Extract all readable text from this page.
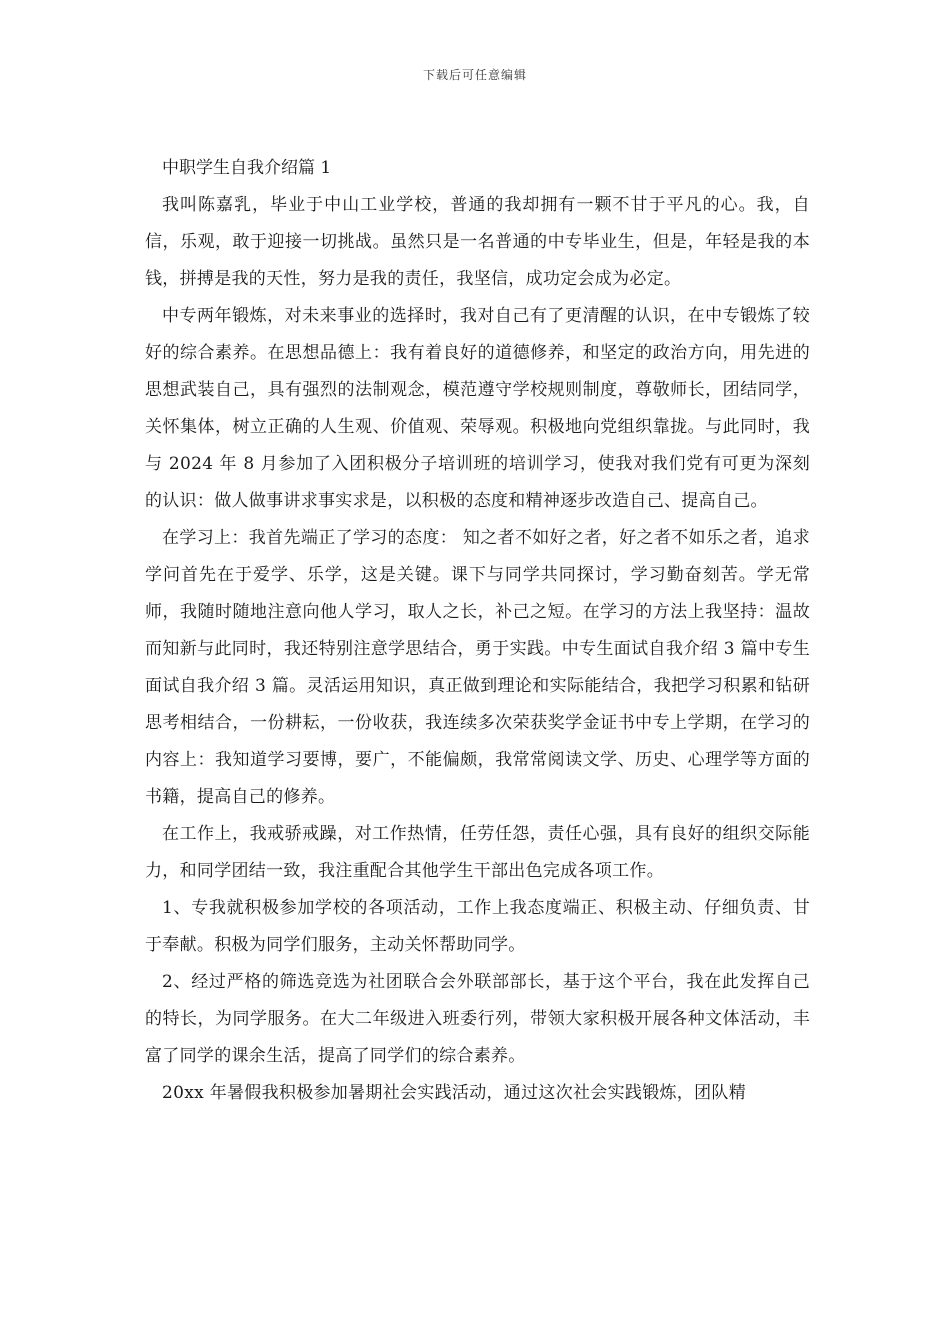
下载后可任意编辑
中职学生自我介绍篇 1

我叫陈嘉乳，毕业于中山工业学校，普通的我却拥有一颗不甘于平凡的心。我，自信，乐观，敢于迎接一切挑战。虽然只是一名普通的中专毕业生，但是，年轻是我的本钱，拼搏是我的天性，努力是我的责任，我坚信，成功定会成为必定。

中专两年锻炼，对未来事业的选择时，我对自己有了更清醒的认识，在中专锻炼了较好的综合素养。在思想品德上：我有着良好的道德修养，和坚定的政治方向，用先进的思想武装自己，具有强烈的法制观念，模范遵守学校规则制度，尊敬师长，团结同学，关怀集体，树立正确的人生观、价值观、荣辱观。积极地向党组织靠拢。与此同时，我与 2024 年 8 月参加了入团积极分子培训班的培训学习，使我对我们党有可更为深刻的认识：做人做事讲求事实求是，以积极的态度和精神逐步改造自己、提高自己。

在学习上：我首先端正了学习的态度： 知之者不如好之者，好之者不如乐之者，追求学问首先在于爱学、乐学，这是关键。课下与同学共同探讨，学习勤奋刻苦。学无常师，我随时随地注意向他人学习，取人之长，补己之短。在学习的方法上我坚持：温故而知新与此同时，我还特别注意学思结合，勇于实践。中专生面试自我介绍 3 篇中专生面试自我介绍 3 篇。灵活运用知识，真正做到理论和实际能结合，我把学习积累和钻研思考相结合，一份耕耘，一份收获，我连续多次荣获奖学金证书中专上学期，在学习的内容上：我知道学习要博，要广，不能偏颇，我常常阅读文学、历史、心理学等方面的书籍，提高自己的修养。

在工作上，我戒骄戒躁，对工作热情，任劳任怨，责任心强，具有良好的组织交际能力，和同学团结一致，我注重配合其他学生干部出色完成各项工作。

1、专我就积极参加学校的各项活动，工作上我态度端正、积极主动、仔细负责、甘于奉献。积极为同学们服务，主动关怀帮助同学。

2、经过严格的筛选竞选为社团联合会外联部部长，基于这个平台，我在此发挥自己的特长，为同学服务。在大二年级进入班委行列，带领大家积极开展各种文体活动，丰富了同学的课余生活，提高了同学们的综合素养。

20xx 年暑假我积极参加暑期社会实践活动，通过这次社会实践锻炼，团队精
